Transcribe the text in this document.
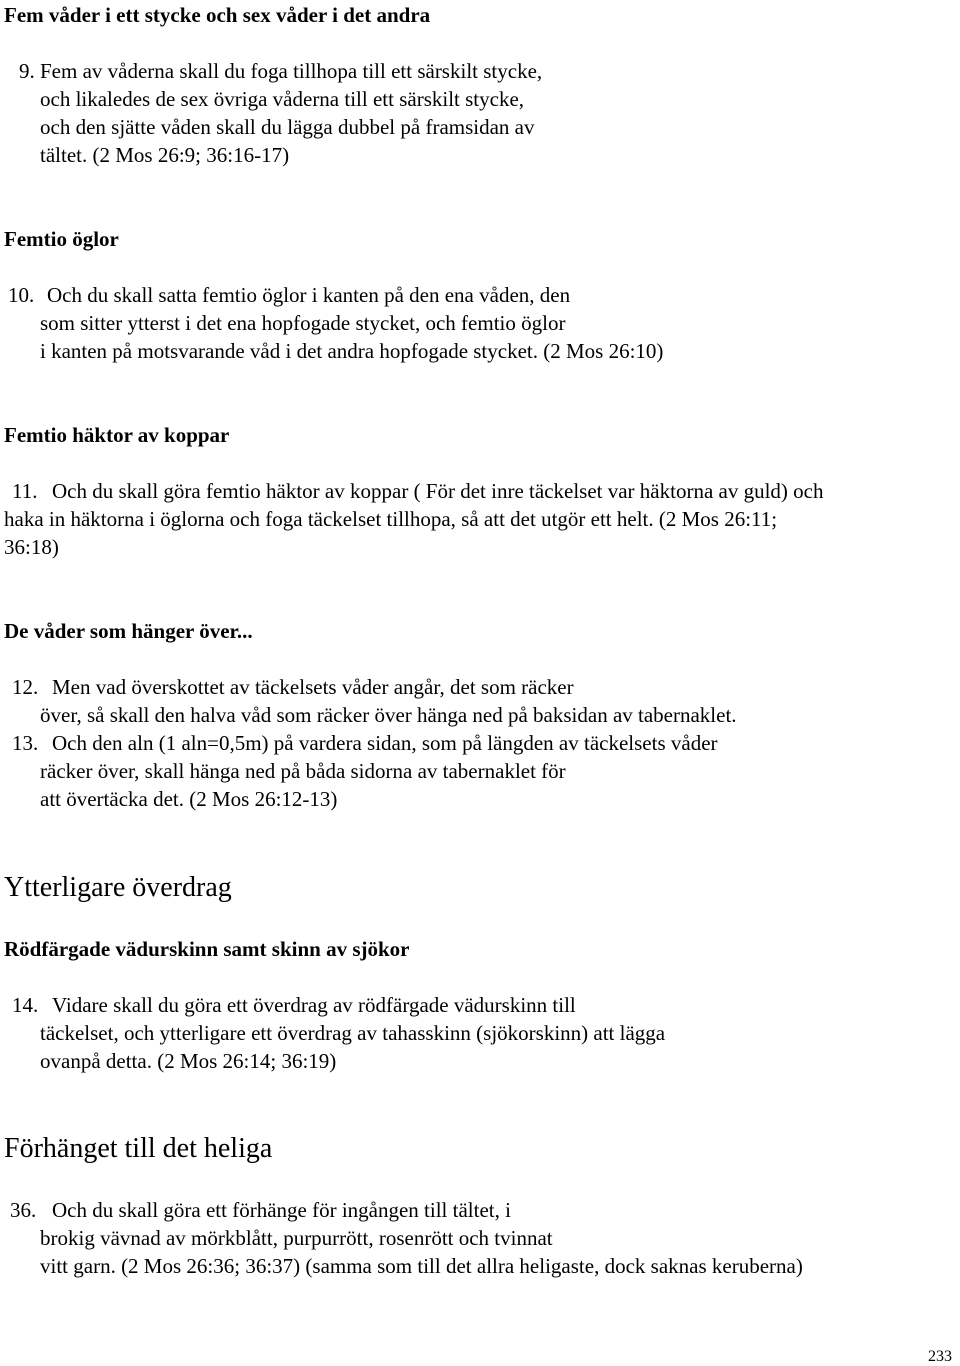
Fem våder i ett stycke och sex våder i det andra
9. Fem av våderna skall du foga tillhopa till ett särskilt stycke,
och likaledes de sex övriga våderna till ett särskilt stycke,
och den sjätte våden skall du lägga dubbel på framsidan av
tältet. (2 Mos 26:9; 36:16-17)
Femtio öglor
10. Och du skall satta femtio öglor i kanten på den ena våden, den
som sitter ytterst i det ena hopfogade stycket, och femtio öglor
i kanten på motsvarande våd i det andra hopfogade stycket. (2 Mos 26:10)
Femtio häktor av koppar
11. Och du skall göra femtio häktor av koppar ( För det inre täckelset var häktorna av guld) och
haka in häktorna i öglorna och foga täckelset tillhopa, så att det utgör ett helt. (2 Mos 26:11;
36:18)
De våder som hänger över...
12. Men vad överskottet av täckelsets våder angår, det som räcker
över, så skall den halva våd som räcker över hänga ned på baksidan av tabernaklet.
13. Och den aln (1 aln=0,5m) på vardera sidan, som på längden av täckelsets våder
räcker över, skall hänga ned på båda sidorna av tabernaklet för
att övertäcka det. (2 Mos 26:12-13)
Ytterligare överdrag
Rödfärgade vädurskinn samt skinn av sjökor
14. Vidare skall du göra ett överdrag av rödfärgade vädurskinn till
täckelset, och ytterligare ett överdrag av tahasskinn (sjökorskinn) att lägga
ovanpå detta. (2 Mos 26:14; 36:19)
Förhänget till det heliga
36. Och du skall göra ett förhänge för ingången till tältet, i
brokig vävnad av mörkblått, purpurrött, rosenrött och tvinnat
vitt garn. (2 Mos 26:36; 36:37) (samma som till det allra heligaste, dock saknas keruberna)
233
